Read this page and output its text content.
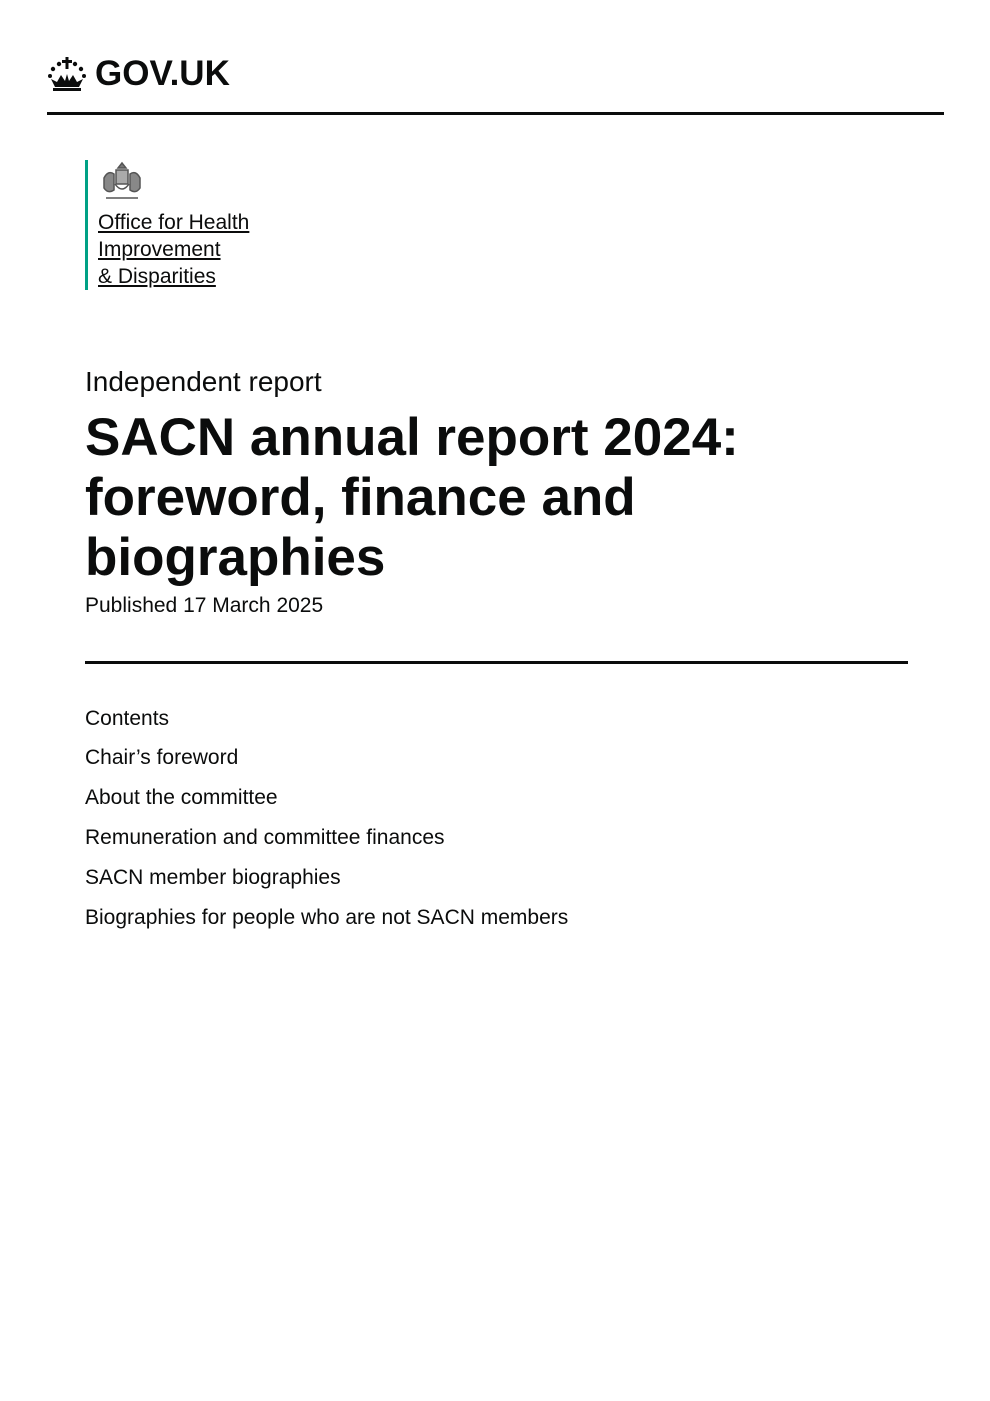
GOV.UK
Office for Health
Improvement
& Disparities
Independent report
SACN annual report 2024: foreword, finance and biographies
Published 17 March 2025
Contents
Chair’s foreword
About the committee
Remuneration and committee finances
SACN member biographies
Biographies for people who are not SACN members
